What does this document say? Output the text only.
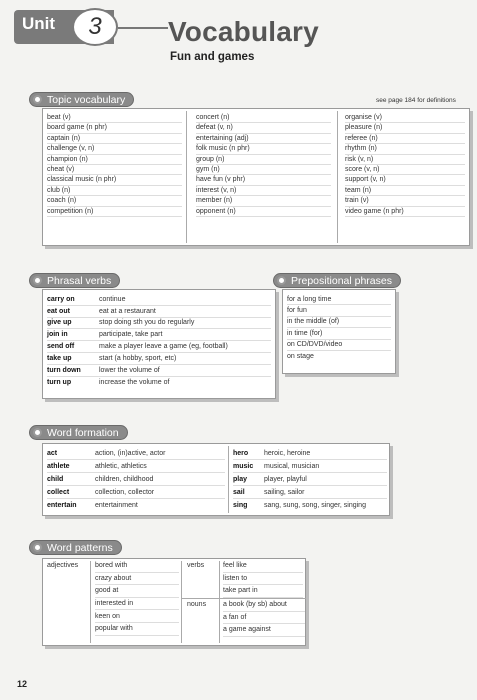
Unit 3 Vocabulary
Fun and games
Topic vocabulary	see page 184 for definitions
beat (v)
board game (n phr)
captain (n)
challenge (v, n)
champion (n)
cheat (v)
classical music (n phr)
club (n)
coach (n)
competition (n)
concert (n)
defeat (v, n)
entertaining (adj)
folk music (n phr)
group (n)
gym (n)
have fun (v phr)
interest (v, n)
member (n)
opponent (n)
organise (v)
pleasure (n)
referee (n)
rhythm (n)
risk (v, n)
score (v, n)
support (v, n)
team (n)
train (v)
video game (n phr)
Phrasal verbs
carry on	continue
eat out	eat at a restaurant
give up	stop doing sth you do regularly
join in	participate, take part
send off	make a player leave a game (eg, football)
take up	start (a hobby, sport, etc)
turn down	lower the volume of
turn up	increase the volume of
Prepositional phrases
for a long time
for fun
in the middle (of)
in time (for)
on CD/DVD/video
on stage
Word formation
act	action, (in)active, actor
athlete	athletic, athletics
child	children, childhood
collect	collection, collector
entertain	entertainment
hero	heroic, heroine
music	musical, musician
play	player, playful
sail	sailing, sailor
sing	sang, sung, song, singer, singing
Word patterns
adjectives bored with
crazy about
good at
interested in
keen on
popular with
verbs	feel like
listen to
take part in
nouns a book (by sb) about
a fan of
a game against
12
